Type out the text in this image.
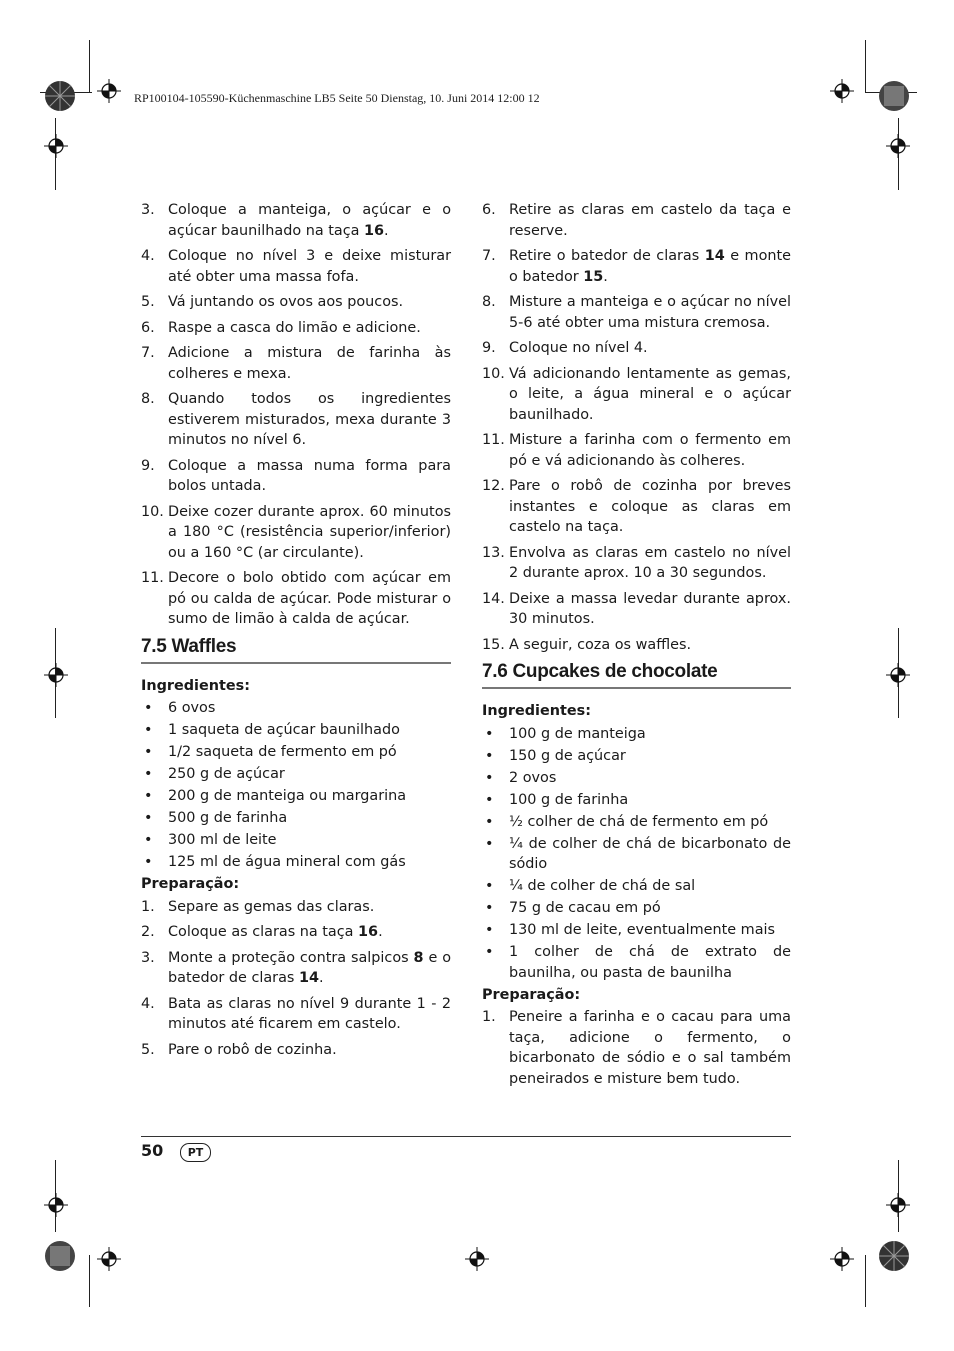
RP100104-105590-Küchenmaschine LB5 Seite 50 Dienstag, 10. Juni 2014 12:00 12
3. Coloque a manteiga, o açúcar e o açúcar baunilhado na taça 16.
4. Coloque no nível 3 e deixe misturar até obter uma massa fofa.
5. Vá juntando os ovos aos poucos.
6. Raspe a casca do limão e adicione.
7. Adicione a mistura de farinha às colheres e mexa.
8. Quando todos os ingredientes estiverem misturados, mexa durante 3 minutos no nível 6.
9. Coloque a massa numa forma para bolos untada.
10. Deixe cozer durante aprox. 60 minutos a 180 °C (resistência superior/inferior) ou a 160 °C (ar circulante).
11. Decore o bolo obtido com açúcar em pó ou calda de açúcar. Pode misturar o sumo de limão à calda de açúcar.
7.5 Waffles
Ingredientes:
• 6 ovos
• 1 saqueta de açúcar baunilhado
• 1/2 saqueta de fermento em pó
• 250 g de açúcar
• 200 g de manteiga ou margarina
• 500 g de farinha
• 300 ml de leite
• 125 ml de água mineral com gás
Preparação:
1. Separe as gemas das claras.
2. Coloque as claras na taça 16.
3. Monte a proteção contra salpicos 8 e o batedor de claras 14.
4. Bata as claras no nível 9 durante 1 - 2 minutos até ficarem em castelo.
5. Pare o robô de cozinha.
6. Retire as claras em castelo da taça e reserve.
7. Retire o batedor de claras 14 e monte o batedor 15.
8. Misture a manteiga e o açúcar no nível 5-6 até obter uma mistura cremosa.
9. Coloque no nível 4.
10. Vá adicionando lentamente as gemas, o leite, a água mineral e o açúcar baunilhado.
11. Misture a farinha com o fermento em pó e vá adicionando às colheres.
12. Pare o robô de cozinha por breves instantes e coloque as claras em castelo na taça.
13. Envolva as claras em castelo no nível 2 durante aprox. 10 a 30 segundos.
14. Deixe a massa levedar durante aprox. 30 minutos.
15. A seguir, coza os waffles.
7.6 Cupcakes de chocolate
Ingredientes:
• 100 g de manteiga
• 150 g de açúcar
• 2 ovos
• 100 g de farinha
• ½ colher de chá de fermento em pó
• ¼ de colher de chá de bicarbonato de sódio
• ¼ de colher de chá de sal
• 75 g de cacau em pó
• 130 ml de leite, eventualmente mais
• 1 colher de chá de extrato de baunilha, ou pasta de baunilha
Preparação:
1. Peneire a farinha e o cacau para uma taça, adicione o fermento, o bicarbonato de sódio e o sal também peneirados e misture bem tudo.
50	PT
